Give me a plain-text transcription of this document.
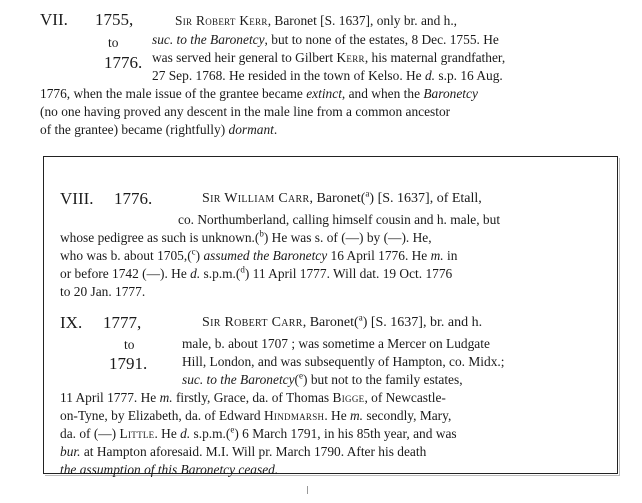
VII. 1755,
to
1776.
Sir Robert Kerr, Baronet [S. 1637], only br. and h.,
suc. to the Baronetcy, but to none of the estates, 8 Dec. 1755. He
was served heir general to Gilbert Kerr, his maternal grandfather,
27 Sep. 1768. He resided in the town of Kelso. He d. s.p. 16 Aug.
1776, when the male issue of the grantee became extinct, and when the Baronetcy
(no one having proved any descent in the male line from a common ancestor
of the grantee) became (rightfully) dormant.
VIII. 1776.	Sir William Carr, Baronet($^a$) [S. 1637], of Etall,
co. Northumberland, calling himself cousin and h. male, but
whose pedigree as such is unknown.($^b$) He was s. of (—) by (—). He,
who was b. about 1705,($^c$) assumed the Baronetcy 16 April 1776. He m. in
or before 1742 (—). He d. s.p.m.($^d$) 11 April 1777. Will dat. 19 Oct. 1776
to 20 Jan. 1777.
IX. 1777,
to
1791.
Sir Robert Carr, Baronet($^a$) [S. 1637], br. and h.
male, b. about 1707 ; was sometime a Mercer on Ludgate
Hill, London, and was subsequently of Hampton, co. Midx.;
suc. to the Baronetcy($^e$) but not to the family estates,
11 April 1777. He m. firstly, Grace, da. of Thomas Bigge, of Newcastle-
on-Tyne, by Elizabeth, da. of Edward Hindmarsh. He m. secondly, Mary,
da. of (—) Little. He d. s.p.m.($^e$) 6 March 1791, in his 85th year, and was
bur. at Hampton aforesaid. M.I. Will pr. March 1790. After his death
the assumption of this Baronetcy ceased.
